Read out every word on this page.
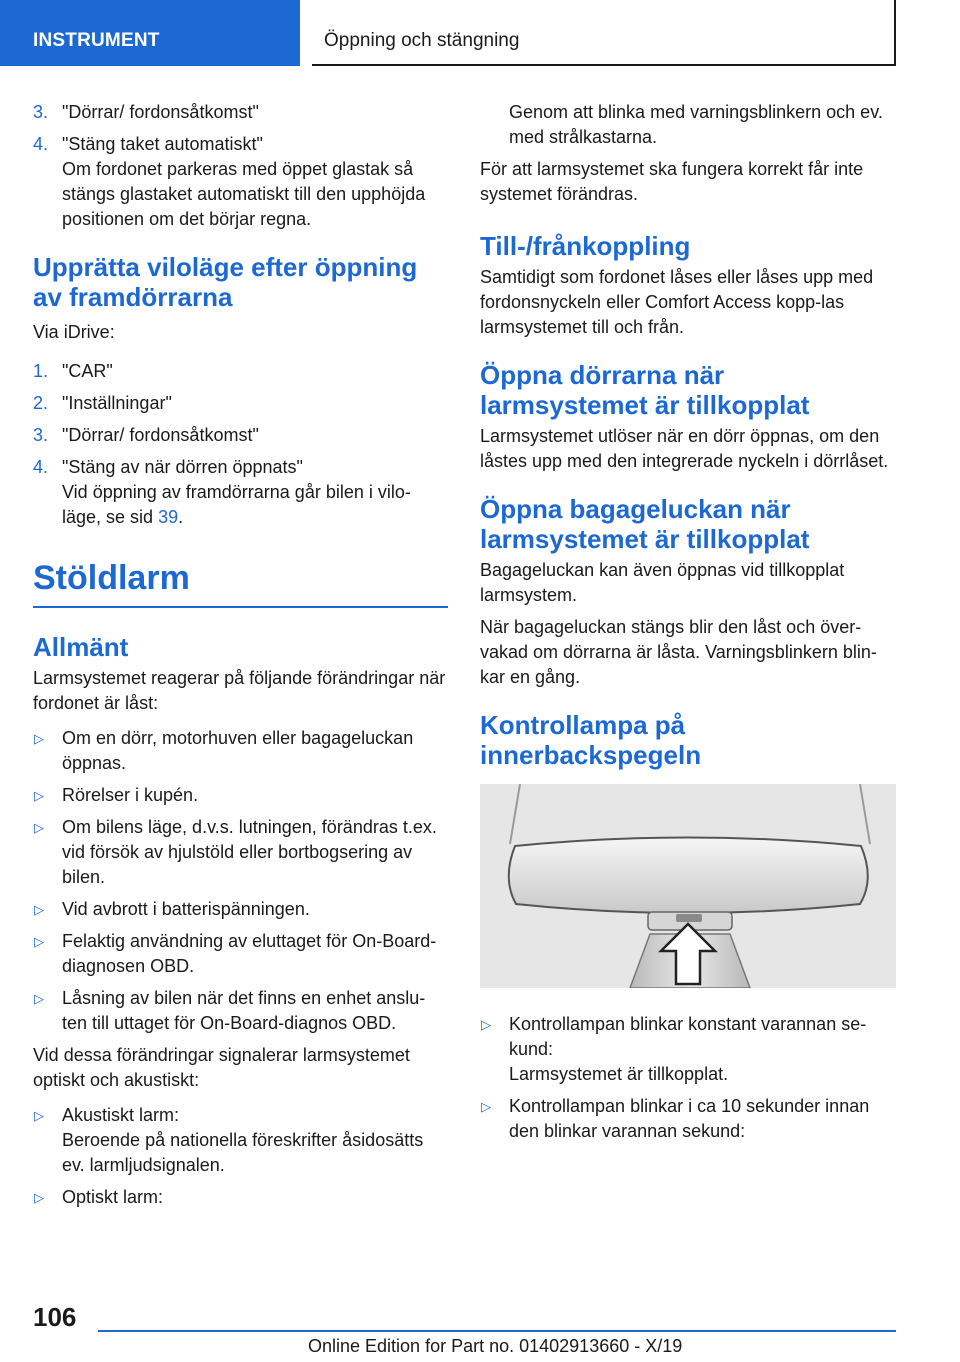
INSTRUMENT	Öppning och stängning
3. "Dörrar/ fordonsåtkomst"
4. "Stäng taket automatiskt"
Om fordonet parkeras med öppet glastak så stängs glastaket automatiskt till den upphöjda positionen om det börjar regna.
Upprätta viloläge efter öppning av framdörrarna
Via iDrive:
1. "CAR"
2. "Inställningar"
3. "Dörrar/ fordonsåtkomst"
4. "Stäng av när dörren öppnats"
Vid öppning av framdörrarna går bilen i vilo‐läge, se sid 39.
Stöldlarm
Allmänt
Larmsystemet reagerar på följande förändringar när fordonet är låst:
▷ Om en dörr, motorhuven eller bagageluckan öppnas.
▷ Rörelser i kupén.
▷ Om bilens läge, d.v.s. lutningen, förändras t.ex. vid försök av hjulstöld eller bortbogsering av bilen.
▷ Vid avbrott i batterispänningen.
▷ Felaktig användning av eluttaget för On-Board-diagnosen OBD.
▷ Låsning av bilen när det finns en enhet anslu‐ten till uttaget för On-Board-diagnos OBD.
Vid dessa förändringar signalerar larmsystemet optiskt och akustiskt:
▷ Akustiskt larm:
Beroende på nationella föreskrifter åsidosätts ev. larmljudsignalen.
▷ Optiskt larm:
Genom att blinka med varningsblinkern och ev. med strålkastarna.
För att larmsystemet ska fungera korrekt får inte systemet förändras.
Till-/frånkoppling
Samtidigt som fordonet låses eller låses upp med fordonsnyckeln eller Comfort Access kopp‐las larmsystemet till och från.
Öppna dörrarna när larmsystemet är tillkopplat
Larmsystemet utlöser när en dörr öppnas, om den låstes upp med den integrerade nyckeln i dörrlåset.
Öppna bagageluckan när larmsystemet är tillkopplat
Bagageluckan kan även öppnas vid tillkopplat larmsystem.
När bagageluckan stängs blir den låst och över‐vakad om dörrarna är låsta. Varningsblinkern blin‐kar en gång.
Kontrollampa på innerbackspegeln
▷ Kontrollampan blinkar konstant varannan se‐kund:
Larmsystemet är tillkopplat.
▷ Kontrollampan blinkar i ca 10 sekunder innan den blinkar varannan sekund:
106
Online Edition for Part no. 01402913660 - X/19
